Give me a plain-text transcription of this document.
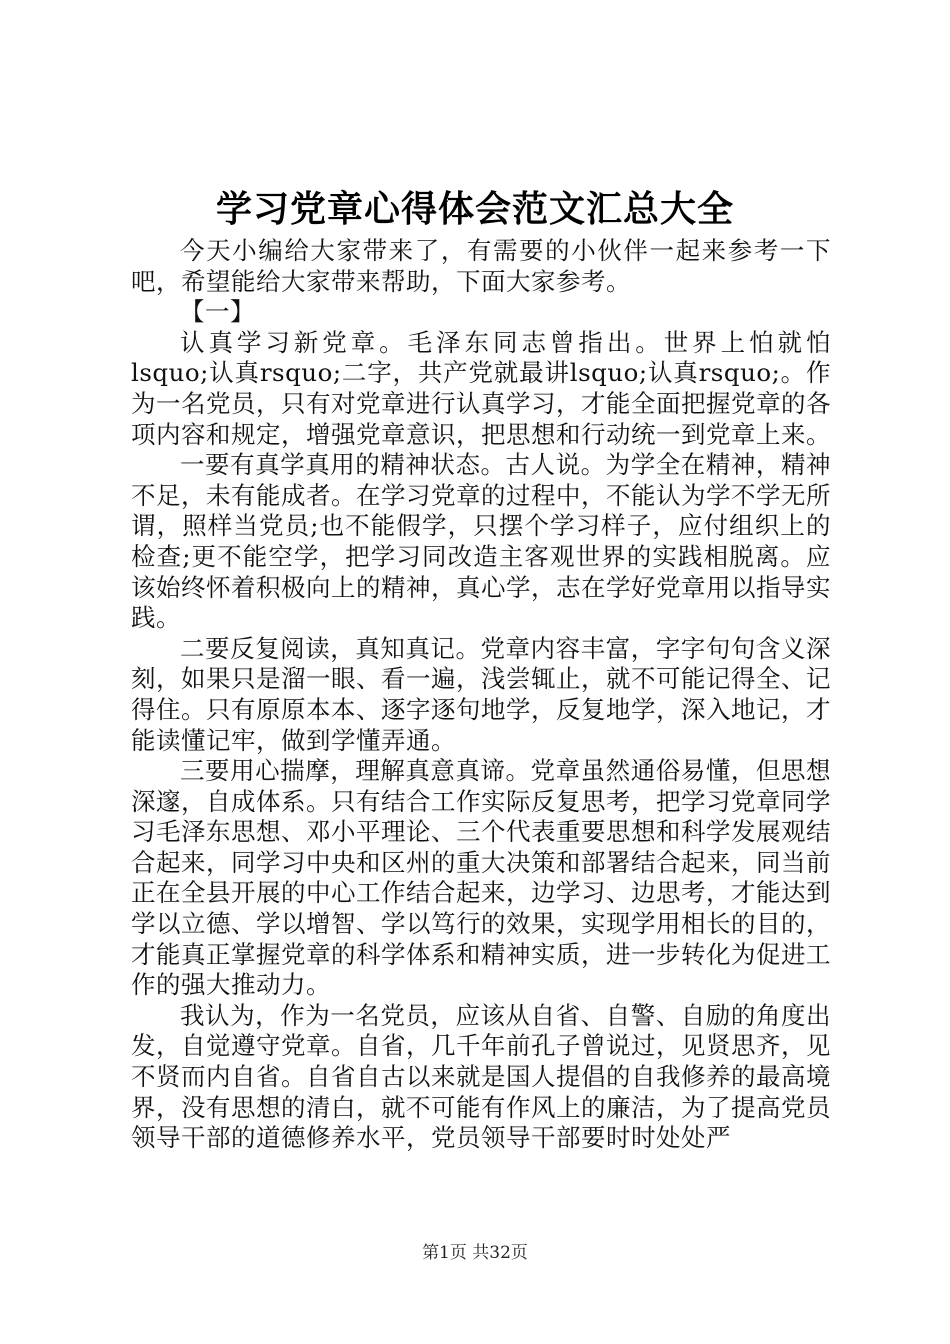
学习党章心得体会范文汇总大全

今天小编给大家带来了，有需要的小伙伴一起来参考一下吧，希望能给大家带来帮助，下面大家参考。

【一】

认真学习新党章。毛泽东同志曾指出。世界上怕就怕lsquo;认真rsquo;二字，共产党就最讲lsquo;认真rsquo;。作为一名党员，只有对党章进行认真学习，才能全面把握党章的各项内容和规定，增强党章意识，把思想和行动统一到党章上来。

一要有真学真用的精神状态。古人说。为学全在精神，精神不足，未有能成者。在学习党章的过程中，不能认为学不学无所谓，照样当党员;也不能假学，只摆个学习样子，应付组织上的检查;更不能空学，把学习同改造主客观世界的实践相脱离。应该始终怀着积极向上的精神，真心学，志在学好党章用以指导实践。

二要反复阅读，真知真记。党章内容丰富，字字句句含义深刻，如果只是溜一眼、看一遍，浅尝辄止，就不可能记得全、记得住。只有原原本本、逐字逐句地学，反复地学，深入地记，才能读懂记牢，做到学懂弄通。

三要用心揣摩，理解真意真谛。党章虽然通俗易懂，但思想深邃，自成体系。只有结合工作实际反复思考，把学习党章同学习毛泽东思想、邓小平理论、三个代表重要思想和科学发展观结合起来，同学习中央和区州的重大决策和部署结合起来，同当前正在全县开展的中心工作结合起来，边学习、边思考，才能达到学以立德、学以增智、学以笃行的效果，实现学用相长的目的，才能真正掌握党章的科学体系和精神实质，进一步转化为促进工作的强大推动力。

我认为，作为一名党员，应该从自省、自警、自励的角度出发，自觉遵守党章。自省，几千年前孔子曾说过，见贤思齐，见不贤而内自省。自省自古以来就是国人提倡的自我修养的最高境界，没有思想的清白，就不可能有作风上的廉洁，为了提高党员领导干部的道德修养水平，党员领导干部要时时处处严

第1页 共32页
